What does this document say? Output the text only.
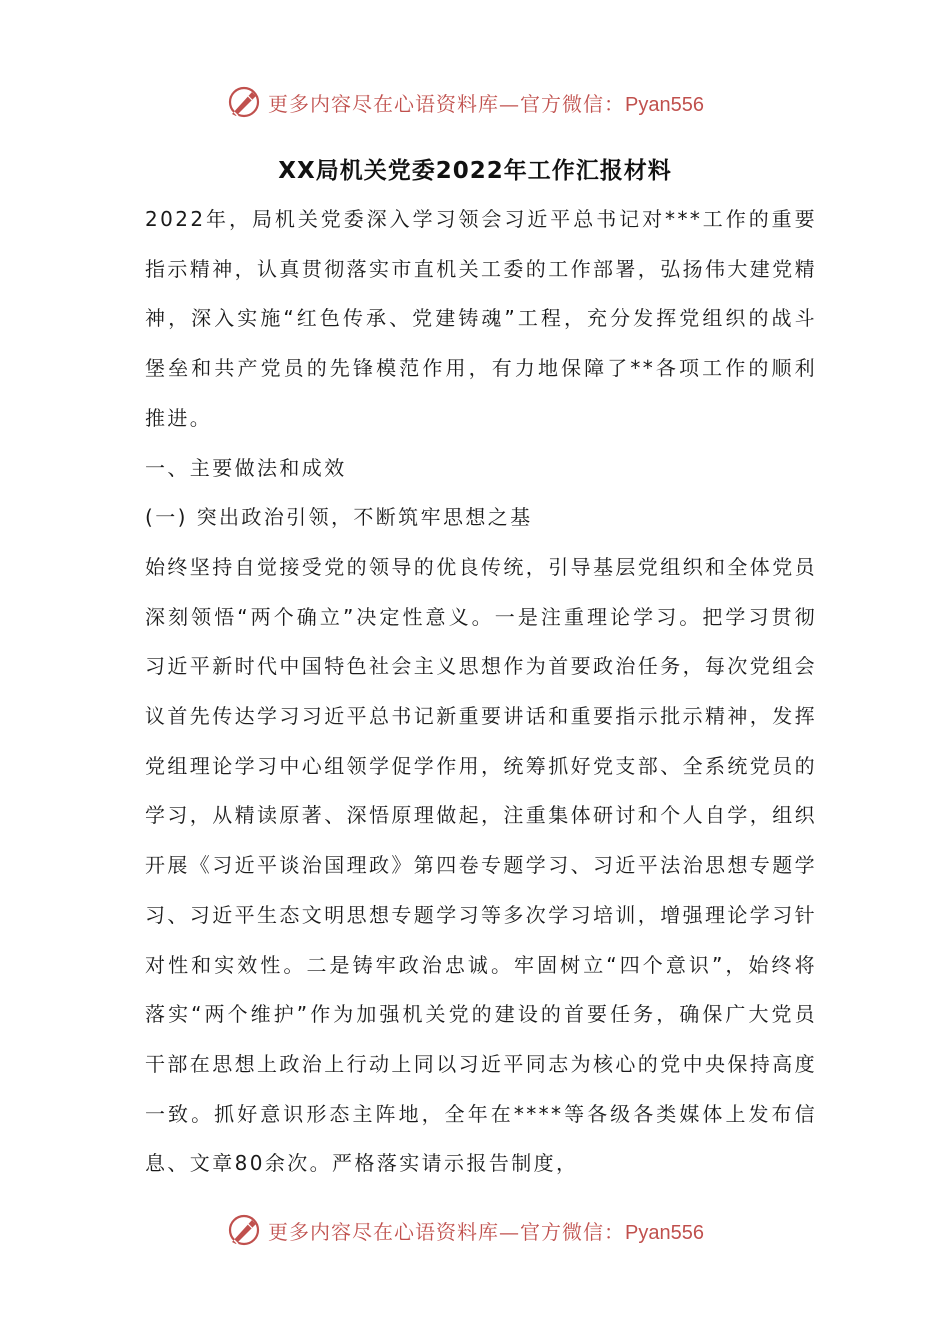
更多内容尽在心语资料库—官方微信：Pyan556
XX局机关党委2022年工作汇报材料

2022年，局机关党委深入学习领会习近平总书记对***工作的重要指示精神，认真贯彻落实市直机关工委的工作部署，弘扬伟大建党精神，深入实施“红色传承、党建铸魂”工程，充分发挥党组织的战斗堡垒和共产党员的先锋模范作用，有力地保障了**各项工作的顺利推进。

一、主要做法和成效

(一) 突出政治引领，不断筑牢思想之基

始终坚持自觉接受党的领导的优良传统，引导基层党组织和全体党员深刻领悟“两个确立”决定性意义。一是注重理论学习。把学习贯彻习近平新时代中国特色社会主义思想作为首要政治任务，每次党组会议首先传达学习习近平总书记新重要讲话和重要指示批示精神，发挥党组理论学习中心组领学促学作用，统筹抓好党支部、全系统党员的学习，从精读原著、深悟原理做起，注重集体研讨和个人自学，组织开展《习近平谈治国理政》第四卷专题学习、习近平法治思想专题学习、习近平生态文明思想专题学习等多次学习培训，增强理论学习针对性和实效性。二是铸牢政治忠诚。牢固树立“四个意识”，始终将落实“两个维护”作为加强机关党的建设的首要任务，确保广大党员干部在思想上政治上行动上同以习近平同志为核心的党中央保持高度一致。抓好意识形态主阵地，全年在****等各级各类媒体上发布信息、文章80余次。严格落实请示报告制度，

更多内容尽在心语资料库—官方微信：Pyan556
